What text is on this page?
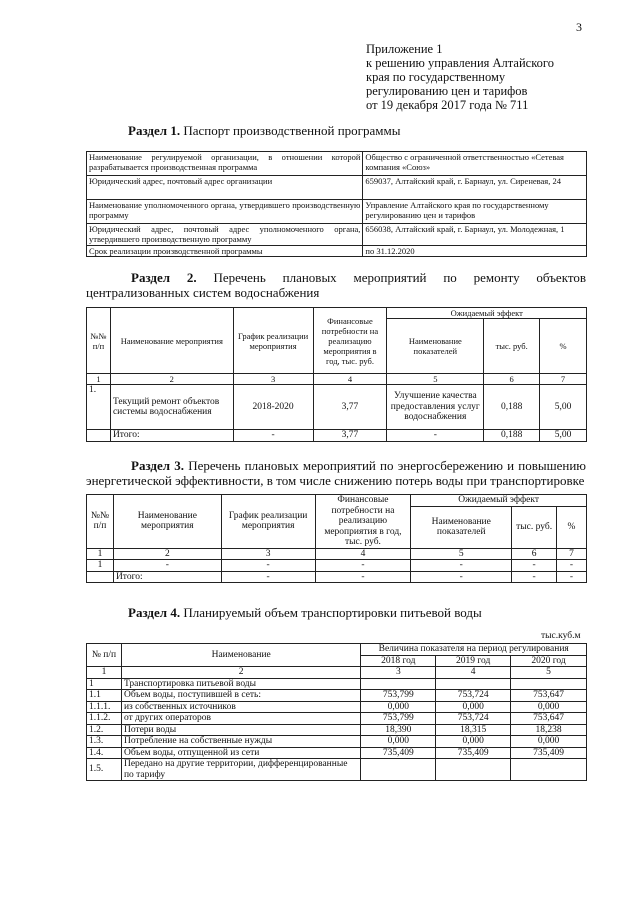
3
Приложение 1
к решению управления Алтайского
края по государственному
регулированию цен и тарифов
от 19 декабря 2017 года № 711
Раздел 1. Паспорт производственной программы
Наименование регулируемой организации, в отношении которой разрабатывается производственная программа	Общество с ограниченной ответственностью «Сетевая компания «Союз»
Юридический адрес, почтовый адрес организации	659037, Алтайский край, г. Барнаул, ул. Сиреневая, 24
Наименование уполномоченного органа, утвердившего производственную программу	Управление Алтайского края по государственному регулированию цен и тарифов
Юридический адрес, почтовый адрес уполномоченного органа, утвердившего производственную программу	656038, Алтайский край, г. Барнаул, ул. Молодежная, 1
Срок реализации производственной программы	по 31.12.2020
Раздел 2. Перечень плановых мероприятий по ремонту объектов централизованных систем водоснабжения
№№ п/п	Наименование мероприятия	График реализации мероприятия	Финансовые потребности на реализацию мероприятия в год, тыс. руб.	Ожидаемый эффект		
				Наименование показателей	тыс. руб.	%
1	2	3	4	5	6	7
1.	Текущий ремонт объектов системы водоснабжения	2018-2020	3,77	Улучшение качества предоставления услуг водоснабжения	0,188	5,00
	Итого:	-	3,77	-	0,188	5,00
Раздел 3. Перечень плановых мероприятий по энергосбережению и повышению энергетической эффективности, в том числе снижению потерь воды при транспортировке
№№ п/п	Наименование мероприятия	График реализации мероприятия	Финансовые потребности на реализацию мероприятия в год, тыс. руб.	Ожидаемый эффект		
				Наименование показателей	тыс. руб.	%
1	2	3	4	5	6	7
1	-	-	-	-	-	-
	Итого:	-	-	-	-	-
Раздел 4. Планируемый объем транспортировки питьевой воды
тыс.куб.м
№ п/п	Наименование	Величина показателя на период регулирования		
		2018 год	2019 год	2020 год
1	2	3	4	5
1	Транспортировка питьевой воды			
1.1	Объем воды, поступившей в сеть:	753,799	753,724	753,647
1.1.1.	из собственных источников	0,000	0,000	0,000
1.1.2.	от других операторов	753,799	753,724	753,647
1.2.	Потери воды	18,390	18,315	18,238
1.3.	Потребление на собственные нужды	0,000	0,000	0,000
1.4.	Объем воды, отпущенной из сети	735,409	735,409	735,409
1.5.	Передано на другие территории, дифференцированные по тарифу			
